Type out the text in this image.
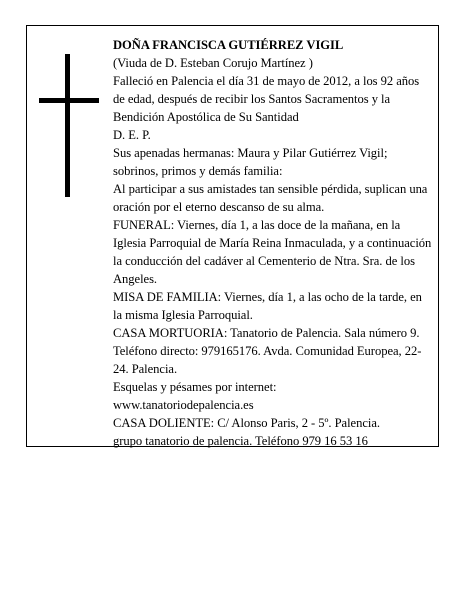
DOÑA FRANCISCA GUTIÉRREZ VIGIL

(Viuda de D. Esteban Corujo Martínez )

Falleció en Palencia el día 31 de mayo de 2012, a los 92 años de edad, después de recibir los Santos Sacramentos y la Bendición Apostólica de Su Santidad

D. E. P.

Sus apenadas hermanas: Maura y Pilar Gutiérrez Vigil; sobrinos, primos y demás familia:

Al participar a sus amistades tan sensible pérdida, suplican una oración por el eterno descanso de su alma.

FUNERAL: Viernes, día 1, a las doce de la mañana, en la Iglesia Parroquial de María Reina Inmaculada, y a continuación la conducción del cadáver al Cementerio de Ntra. Sra. de los Angeles.

MISA DE FAMILIA: Viernes, día 1, a las ocho de la tarde, en la misma Iglesia Parroquial.

CASA MORTUORIA: Tanatorio de Palencia. Sala número 9. Teléfono directo: 979165176. Avda. Comunidad Europea, 22-24. Palencia.

Esquelas y pésames por internet:

www.tanatoriodepalencia.es

CASA DOLIENTE: C/ Alonso Paris, 2 - 5º. Palencia.

grupo tanatorio de palencia. Teléfono 979 16 53 16
